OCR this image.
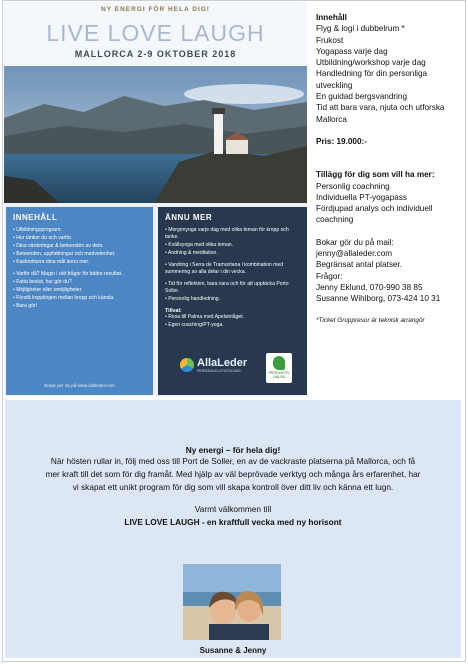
NY ENERGI FÖR HELA DIG!
LIVE LOVE LAUGH
MALLORCA 2-9 OKTOBER 2018
INNEHÅLL
• Utbildningsprogram:
• Hur tänker du och varför.
• Dina värderingar & beteenden av dem.
• Beteenden, uppfattningar och medvetenhet.
• Kaskretisera dina mål ännu mer.
• Varför då? Magin i rätt frågor för bättre resultat.
• Fatta beslut, hur gör du?
• Möjligheter eller omöjligheter.
• Förstå kopplingen mellan kropp och känsla.
• Bara gör!
Bokar per du på www.allaleder.com
ÄNNU MER
• Morgonyoga varje dag med olika teman för kropp och tanke.
• Kvällsyoga med olika teman.
• Andning & meditation.
• Vandring i Serra de Tramuntana i kombination med summering av alla delar i din vecka.
• Tid för reflektion, bara vara och för att upptäcka Porto Soller.
• Personlig handledning.
Tillval:
• Resa till Palma med Apelsintåget.
• Egen coaching/PT-yoga.
AllaLeder
PERSONLIG UTVECKLING	PRODUKTIV HÄLSA

Innehåll

Flyg & logi i dubbelrum *

Frukost

Yogapass varje dag

Utbildning/workshop varje dag

Handledning för din personliga utveckling

En guidad bergsvandring

Tid att bara vara, njuta och utforska Mallorca

Pris: 19.000:-

Tillägg för dig som vill ha mer:

Personlig coachning

Individuella PT-yogapass

Fördjupad analys och individuell coachning

Bokar gör du på mail:

jenny@allaleder.com

Begränsat antal platser.

Frågor:

Jenny Eklund, 070-990 38 85

Susanne Wihlborg, 073-424 10 31

*Ticket Gruppresor är teknisk arrangör

Ny energi – för hela dig!

När hösten rullar in, följ med oss till Port de Soller, en av de vackraste platserna på Mallorca, och få mer kraft till det som för dig framåt. Med hjälp av väl beprövade verktyg och många års erfarenhet, har vi skapat ett unikt program för dig som vill skapa kontroll över ditt liv och känna ett lugn.

Varmt välkommen till

LIVE LOVE LAUGH - en kraftfull vecka med ny horisont

Susanne & Jenny
